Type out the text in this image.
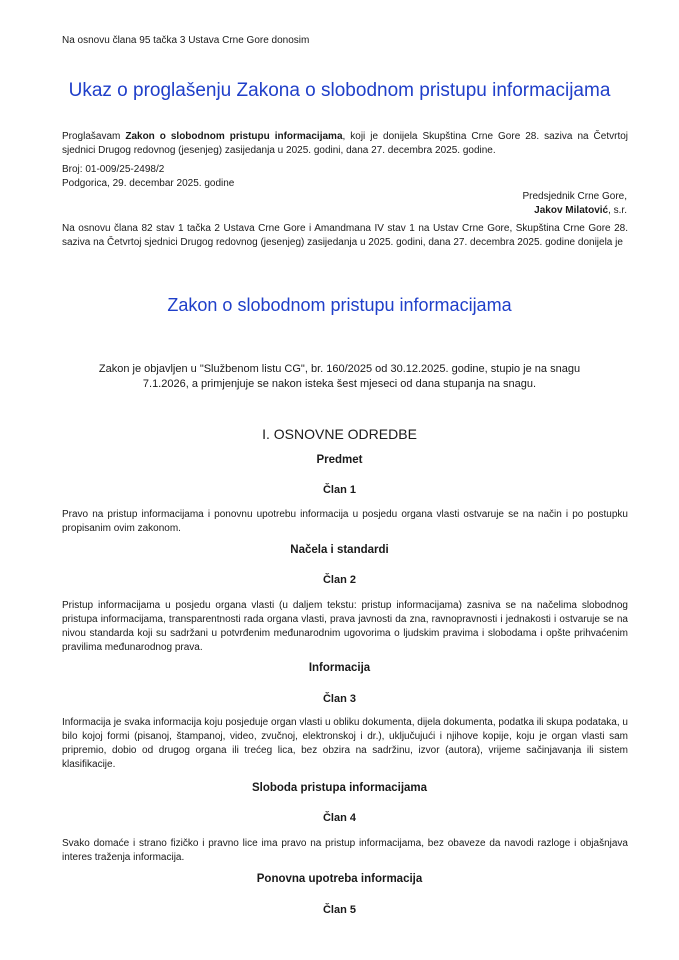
Na osnovu člana 95 tačka 3 Ustava Crne Gore donosim

Ukaz o proglašenju Zakona o slobodnom pristupu informacijama

Proglašavam Zakon o slobodnom pristupu informacijama, koji je donijela Skupština Crne Gore 28. saziva na Četvrtoj sjednici Drugog redovnog (jesenjeg) zasijedanja u 2025. godini, dana 27. decembra 2025. godine.

Broj: 01-009/25-2498/2

Podgorica, 29. decembar 2025. godine

Predsjednik Crne Gore,
Jakov Milatović, s.r.

Na osnovu člana 82 stav 1 tačka 2 Ustava Crne Gore i Amandmana IV stav 1 na Ustav Crne Gore, Skupština Crne Gore 28. saziva na Četvrtoj sjednici Drugog redovnog (jesenjeg) zasijedanja u 2025. godini, dana 27. decembra 2025. godine donijela je

Zakon o slobodnom pristupu informacijama

Zakon je objavljen u "Službenom listu CG", br. 160/2025 od 30.12.2025. godine, stupio je na snagu 7.1.2026, a primjenjuje se nakon isteka šest mjeseci od dana stupanja na snagu.

I. OSNOVNE ODREDBE
Predmet
Član 1

Pravo na pristup informacijama i ponovnu upotrebu informacija u posjedu organa vlasti ostvaruje se na način i po postupku propisanim ovim zakonom.

Načela i standardi
Član 2

Pristup informacijama u posjedu organa vlasti (u daljem tekstu: pristup informacijama) zasniva se na načelima slobodnog pristupa informacijama, transparentnosti rada organa vlasti, prava javnosti da zna, ravnopravnosti i jednakosti i ostvaruje se na nivou standarda koji su sadržani u potvrđenim međunarodnim ugovorima o ljudskim pravima i slobodama i opšte prihvaćenim pravilima međunarodnog prava.

Informacija
Član 3

Informacija je svaka informacija koju posjeduje organ vlasti u obliku dokumenta, dijela dokumenta, podatka ili skupa podataka, u bilo kojoj formi (pisanoj, štampanoj, video, zvučnoj, elektronskoj i dr.), uključujući i njihove kopije, koju je organ vlasti sam pripremio, dobio od drugog organa ili trećeg lica, bez obzira na sadržinu, izvor (autora), vrijeme sačinjavanja ili sistem klasifikacije.

Sloboda pristupa informacijama
Član 4

Svako domaće i strano fizičko i pravno lice ima pravo na pristup informacijama, bez obaveze da navodi razloge i objašnjava interes traženja informacija.

Ponovna upotreba informacija
Član 5
